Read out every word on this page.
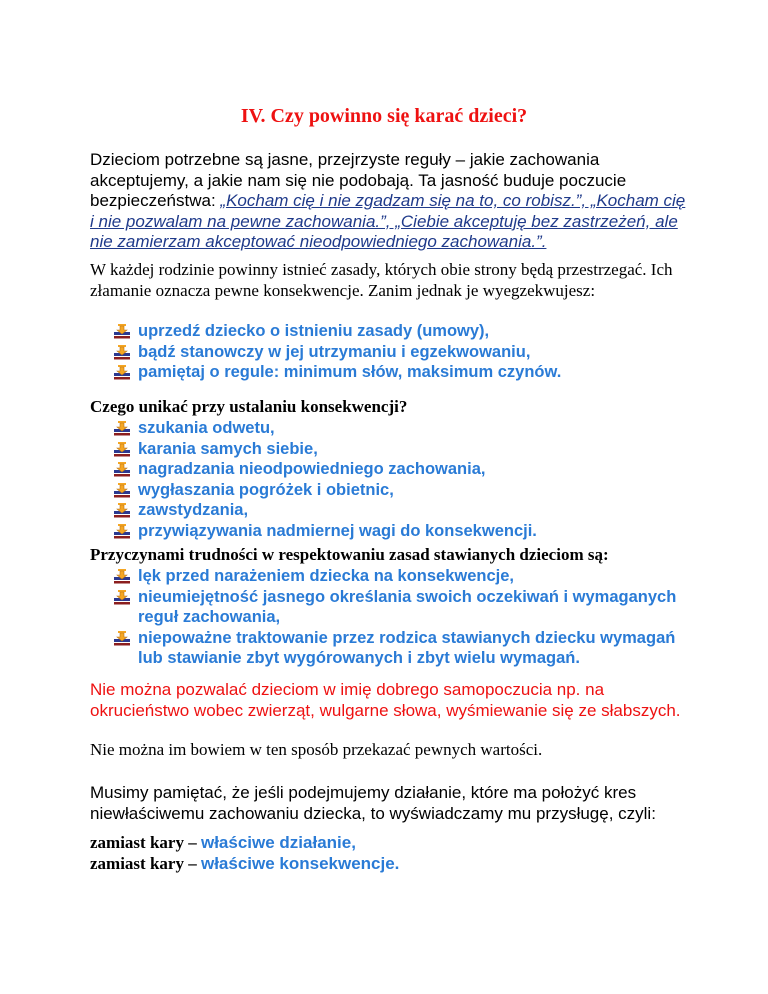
IV. Czy powinno się karać dzieci?
Dzieciom potrzebne są jasne, przejrzyste reguły – jakie zachowania akceptujemy, a jakie nam się nie podobają. Ta jasność buduje poczucie bezpieczeństwa: „Kocham cię i nie zgadzam się na to, co robisz.”, „Kocham cię i nie pozwalam na pewne zachowania.”, „Ciebie akceptuję bez zastrzeżeń, ale nie zamierzam akceptować nieodpowiedniego zachowania.”.
W każdej rodzinie powinny istnieć zasady, których obie strony będą przestrzegać. Ich złamanie oznacza pewne konsekwencje. Zanim jednak je wyegzekwujesz:
uprzedź dziecko o istnieniu zasady (umowy),
bądź stanowczy w jej utrzymaniu i egzekwowaniu,
pamiętaj o regule: minimum słów, maksimum czynów.
Czego unikać przy ustalaniu konsekwencji?
szukania odwetu,
karania samych siebie,
nagradzania nieodpowiedniego zachowania,
wygłaszania pogróżek i obietnic,
zawstydzania,
przywiązywania nadmiernej wagi do konsekwencji.
Przyczynami trudności w respektowaniu zasad stawianych dzieciom są:
lęk przed narażeniem dziecka na konsekwencje,
nieumiejętność jasnego określania swoich oczekiwań i wymaganych reguł zachowania,
niepoważne traktowanie przez rodzica stawianych dziecku wymagań lub stawianie zbyt wygórowanych i zbyt wielu wymagań.
Nie można pozwalać dzieciom w imię dobrego samopoczucia np. na okrucieństwo wobec zwierząt, wulgarne słowa, wyśmiewanie się ze słabszych.
Nie można im bowiem w ten sposób przekazać pewnych wartości.
Musimy pamiętać, że jeśli podejmujemy działanie, które ma położyć kres niewłaściwemu zachowaniu dziecka, to wyświadczamy mu przysługę, czyli:
zamiast kary – właściwe działanie,
zamiast kary – właściwe konsekwencje.
